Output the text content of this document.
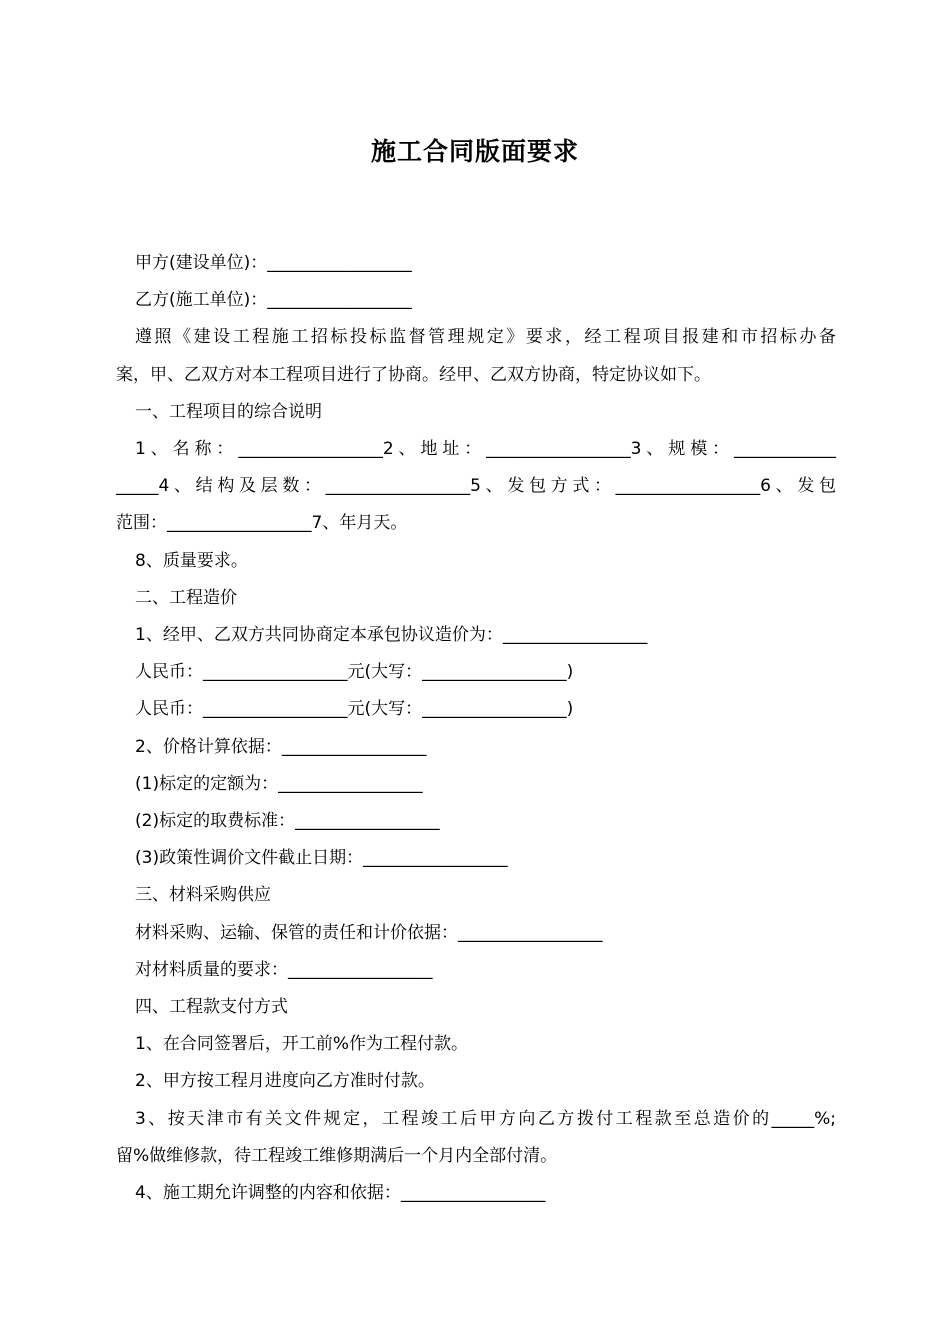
施工合同版面要求

甲方(建设单位)：_________________

乙方(施工单位)：_________________

遵照《建设工程施工招标投标监督管理规定》要求，经工程项目报建和市招标办备

案，甲、乙双方对本工程项目进行了协商。经甲、乙双方协商，特定协议如下。

一、工程项目的综合说明

1、名称：_________________2、地址：_________________3、规模：____________

_____4、结构及层数：_________________5、发包方式：_________________6、发包

范围：_________________7、年月天。

8、质量要求。

二、工程造价

1、经甲、乙双方共同协商定本承包协议造价为：_________________

人民币：_________________元(大写：_________________)

人民币：_________________元(大写：_________________)

2、价格计算依据：_________________

(1)标定的定额为：_________________

(2)标定的取费标准：_________________

(3)政策性调价文件截止日期：_________________

三、材料采购供应

材料采购、运输、保管的责任和计价依据：_________________

对材料质量的要求：_________________

四、工程款支付方式

1、在合同签署后，开工前%作为工程付款。

2、甲方按工程月进度向乙方准时付款。

3、按天津市有关文件规定，工程竣工后甲方向乙方拨付工程款至总造价的_____%;

留%做维修款，待工程竣工维修期满后一个月内全部付清。

4、施工期允许调整的内容和依据：_________________
